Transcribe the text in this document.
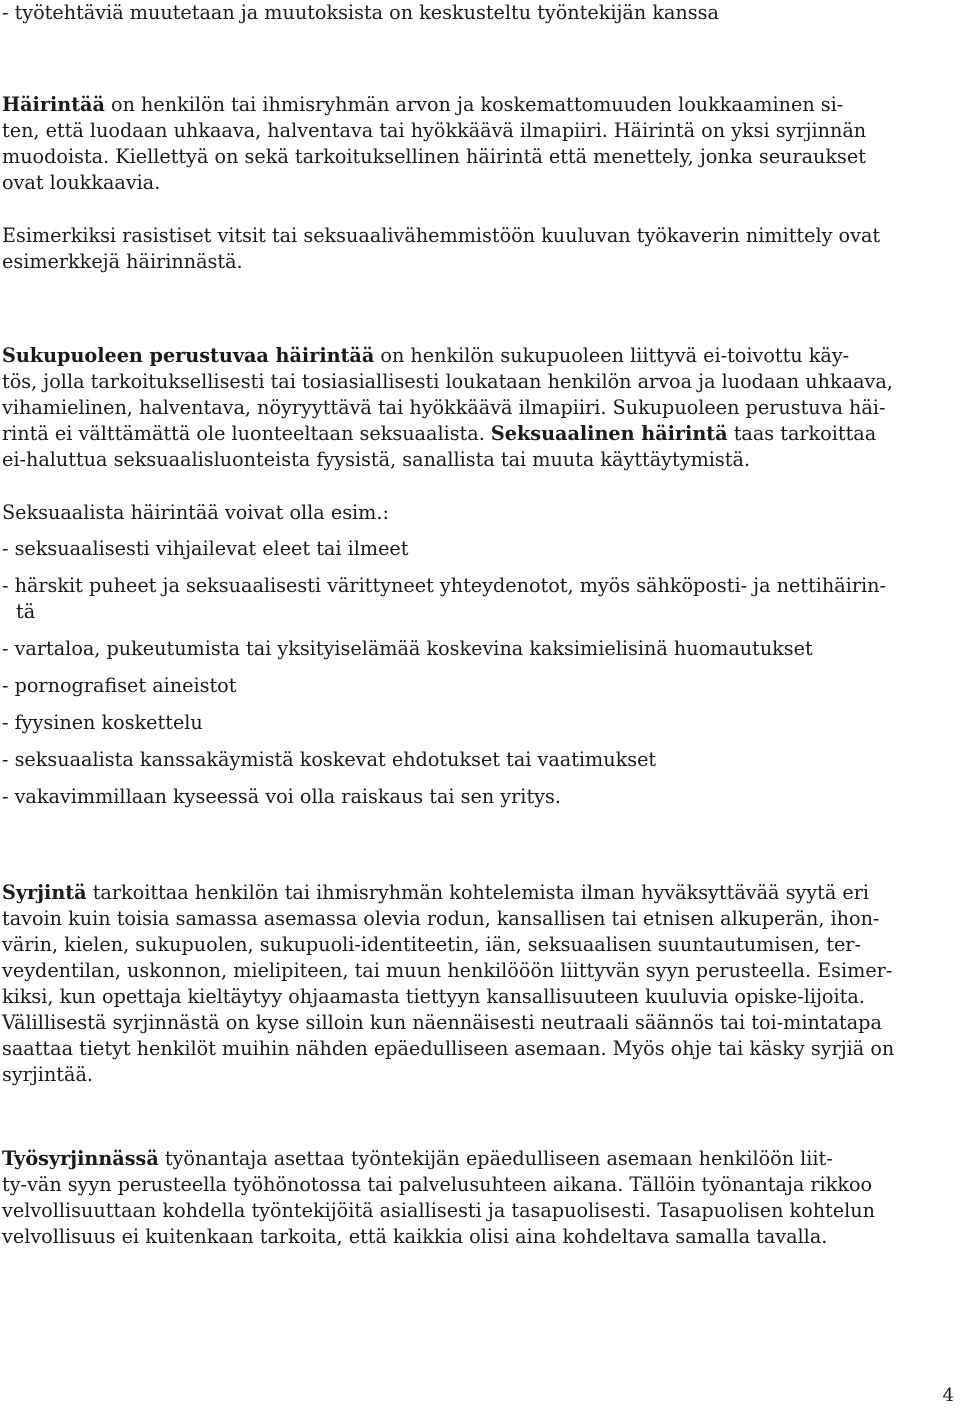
- työtehtäviä muutetaan ja muutoksista on keskusteltu työntekijän kanssa

Häirintää on henkilön tai ihmisryhmän arvon ja koskemattomuuden loukkaaminen si-
ten, että luodaan uhkaava, halventava tai hyökkäävä ilmapiiri. Häirintä on yksi syrjinnän
muodoista. Kiellettyä on sekä tarkoituksellinen häirintä että menettely, jonka seuraukset
ovat loukkaavia.
Esimerkiksi rasistiset vitsit tai seksuaalivähemmistöön kuuluvan työkaverin nimittely ovat
esimerkkejä häirinnästä.
Sukupuoleen perustuvaa häirintää on henkilön sukupuoleen liittyvä ei-toivottu käy-
tös, jolla tarkoituksellisesti tai tosiasiallisesti loukataan henkilön arvoa ja luodaan uhkaava,
vihamielinen, halventava, nöyryyttävä tai hyökkäävä ilmapiiri. Sukupuoleen perustuva häi-
rintä ei välttämättä ole luonteeltaan seksuaalista. Seksuaalinen häirintä taas tarkoittaa
ei-haluttua seksuaalisluonteista fyysistä, sanallista tai muuta käyttäytymistä.

Seksuaalista häirintää voivat olla esim.:

- seksuaalisesti vihjailevat eleet tai ilmeet
- härskit puheet ja seksuaalisesti värittyneet yhteydenotot, myös sähköposti- ja nettihäirin-
tä
- vartaloa, pukeutumista tai yksityiselämää koskevina kaksimielisinä huomautukset
- pornografiset aineistot
- fyysinen koskettelu
- seksuaalista kanssakäymistä koskevat ehdotukset tai vaatimukset
- vakavimmillaan kyseessä voi olla raiskaus tai sen yritys.
Syrjintä tarkoittaa henkilön tai ihmisryhmän kohtelemista ilman hyväksyttävää syytä eri
tavoin kuin toisia samassa asemassa olevia rodun, kansallisen tai etnisen alkuperän, ihon-
värin, kielen, sukupuolen, sukupuoli-identiteetin, iän, seksuaalisen suuntautumisen, ter-
veydentilan, uskonnon, mielipiteen, tai muun henkilööön liittyvän syyn perusteella. Esimer-
kiksi, kun opettaja kieltäytyy ohjaamasta tiettyyn kansallisuuteen kuuluvia opiske-lijoita.
Välillisestä syrjinnästä on kyse silloin kun näennäisesti neutraali säännös tai toi-mintatapa
saattaa tietyt henkilöt muihin nähden epäedulliseen asemaan. Myös ohje tai käsky syrjiä on
syrjintää.
Työsyrjinnässä työnantaja asettaa työntekijän epäedulliseen asemaan henkilöön liit-
ty-vän syyn perusteella työhönotossa tai palvelusuhteen aikana. Tällöin työnantaja rikkoo
velvollisuuttaan kohdella työntekijöitä asiallisesti ja tasapuolisesti. Tasapuolisen kohtelun
velvollisuus ei kuitenkaan tarkoita, että kaikkia olisi aina kohdeltava samalla tavalla.
4
